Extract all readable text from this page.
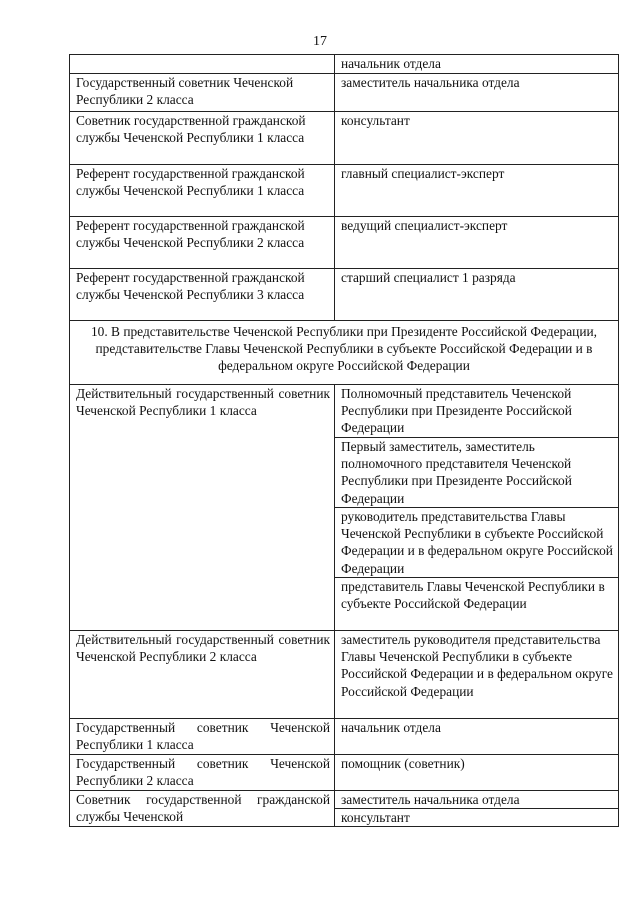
17
	начальник отдела
Государственный советник Чеченской Республики 2 класса	заместитель начальника отдела
Советник государственной гражданской службы Чеченской Республики 1 класса	консультант
Референт государственной гражданской службы Чеченской Республики 1 класса	главный специалист-эксперт
Референт государственной гражданской службы Чеченской Республики 2 класса	ведущий специалист-эксперт
Референт государственной гражданской службы Чеченской Республики 3 класса	старший специалист 1 разряда
10. В представительстве Чеченской Республики при Президенте Российской Федерации, представительстве Главы Чеченской Республики в субъекте Российской Федерации и в федеральном округе Российской Федерации	
Действительный государственный советник Чеченской Республики 1 класса	Полномочный представитель Чеченской Республики при Президенте Российской Федерации
	Первый заместитель, заместитель полномочного представителя Чеченской Республики при Президенте Российской Федерации
	руководитель представительства Главы Чеченской Республики в субъекте Российской Федерации и в федеральном округе Российской Федерации
	представитель Главы Чеченской Республики в субъекте Российской Федерации
Действительный государственный советник Чеченской Республики 2 класса	заместитель руководителя представительства Главы Чеченской Республики в субъекте Российской Федерации и в федеральном округе Российской Федерации
Государственный советник Чеченской Республики 1 класса	начальник отдела
Государственный советник Чеченской Республики 2 класса	помощник (советник)
Советник государственной гражданской службы Чеченской	заместитель начальника отдела
	консультант
